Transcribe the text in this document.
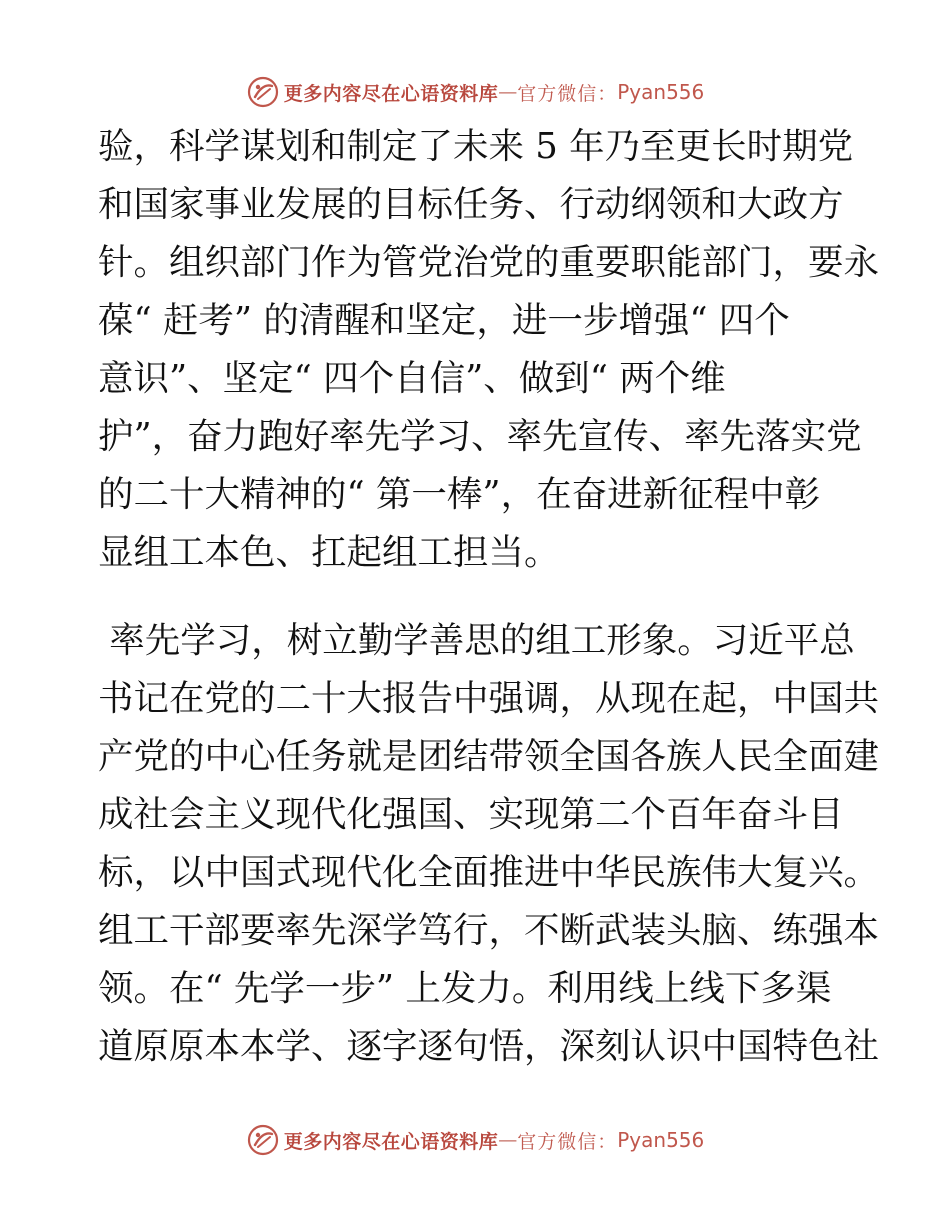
更多内容尽在心语资料库 — 官方微信： Pyan556
验，科学谋划和制定了未来 5 年乃至更长时期党
和国家事业发展的目标任务、行动纲领和大政方
针。组织部门作为管党治党的重要职能部门，要永
葆“ 赶考” 的清醒和坚定，进一步增强“ 四个
意识”、坚定“ 四个自信”、做到“ 两个维
护”，奋力跑好率先学习、率先宣传、率先落实党
的二十大精神的“ 第一棒”，在奋进新征程中彰
显组工本色、扛起组工担当。
率先学习，树立勤学善思的组工形象。习近平总
书记在党的二十大报告中强调，从现在起，中国共
产党的中心任务就是团结带领全国各族人民全面建
成社会主义现代化强国、实现第二个百年奋斗目
标，以中国式现代化全面推进中华民族伟大复兴。
组工干部要率先深学笃行，不断武装头脑、练强本
领。在“ 先学一步” 上发力。利用线上线下多渠
道原原本本学、逐字逐句悟，深刻认识中国特色社
更多内容尽在心语资料库 — 官方微信： Pyan556
